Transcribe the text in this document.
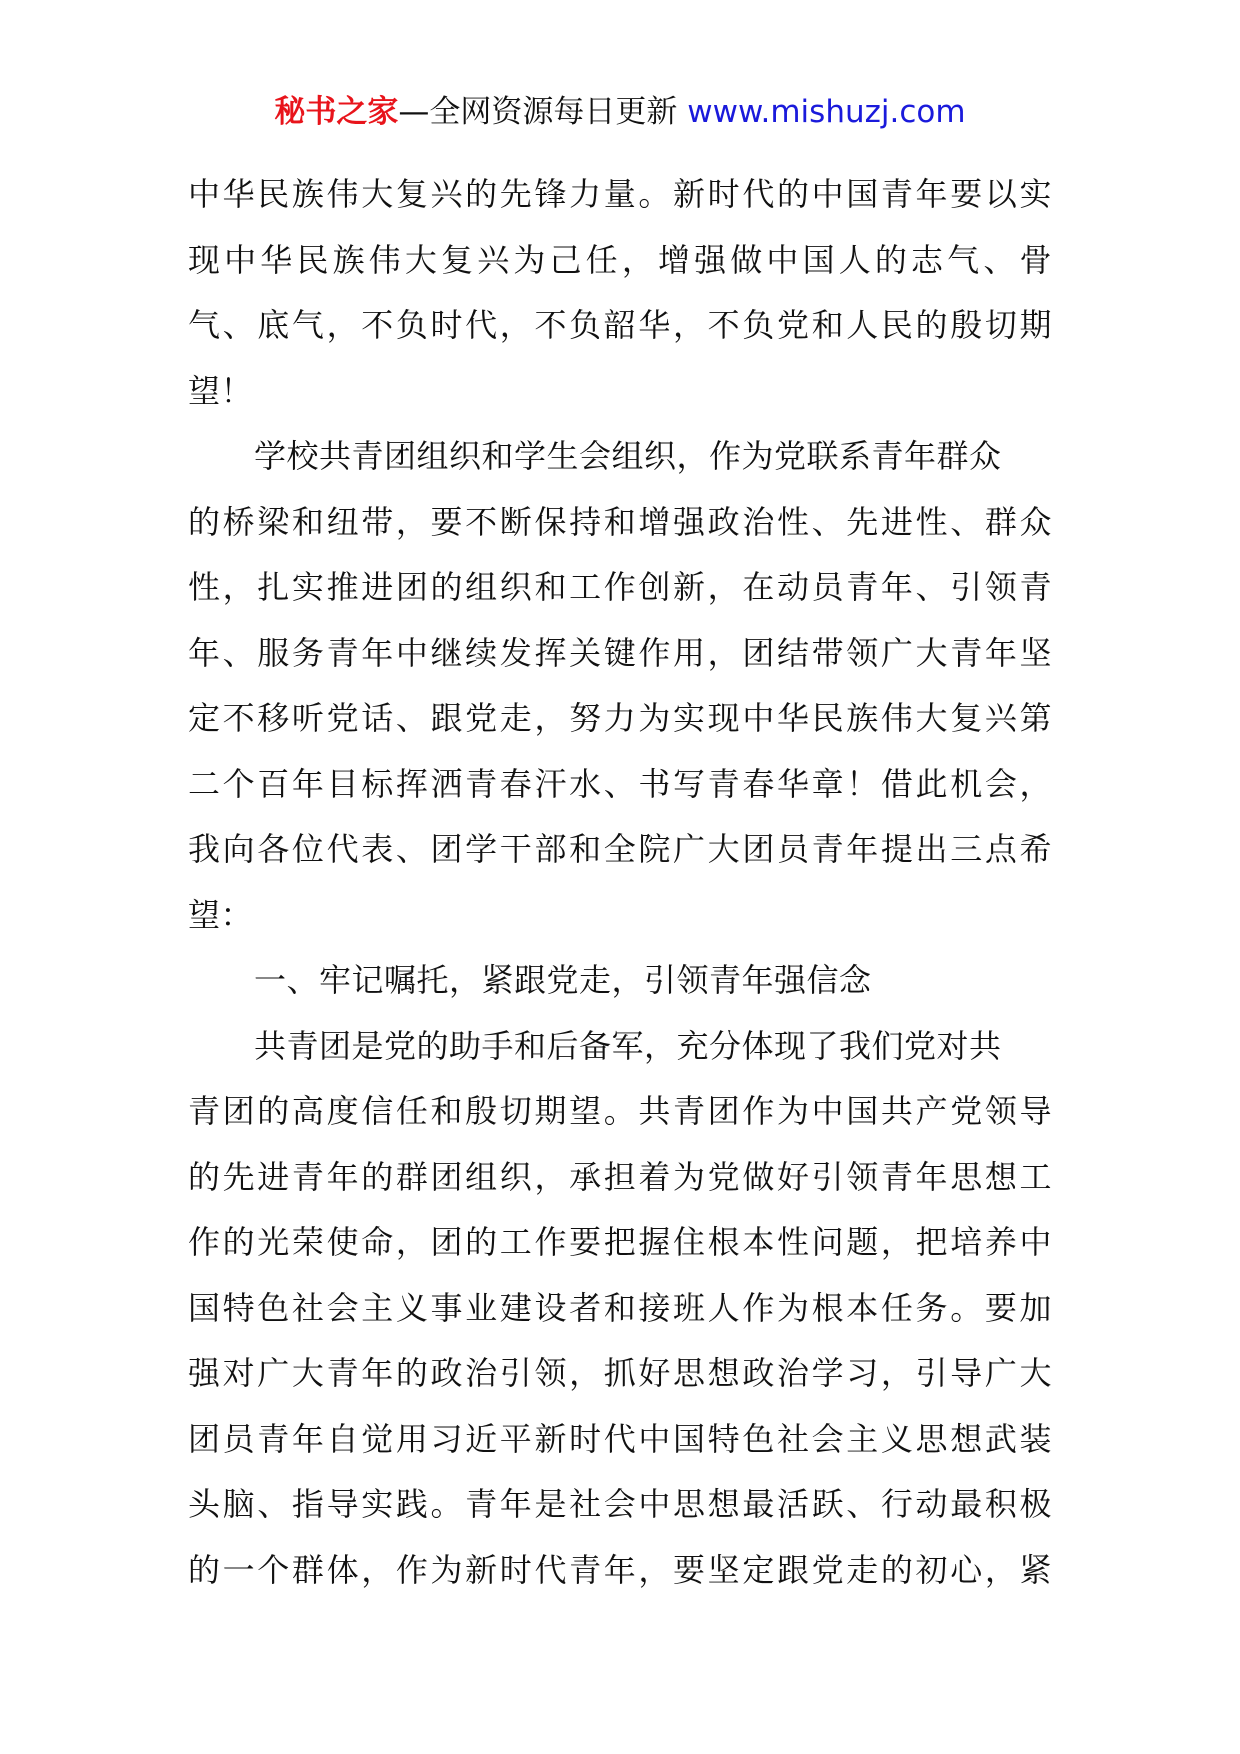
秘书之家—全网资源每日更新 www.mishuzj.com
中华民族伟大复兴的先锋力量。新时代的中国青年要以实
现中华民族伟大复兴为己任，增强做中国人的志气、骨
气、底气，不负时代，不负韶华，不负党和人民的殷切期
望！
学校共青团组织和学生会组织，作为党联系青年群众
的桥梁和纽带，要不断保持和增强政治性、先进性、群众
性，扎实推进团的组织和工作创新，在动员青年、引领青
年、服务青年中继续发挥关键作用，团结带领广大青年坚
定不移听党话、跟党走，努力为实现中华民族伟大复兴第
二个百年目标挥洒青春汗水、书写青春华章！借此机会，
我向各位代表、团学干部和全院广大团员青年提出三点希
望：
一、牢记嘱托，紧跟党走，引领青年强信念
共青团是党的助手和后备军，充分体现了我们党对共
青团的高度信任和殷切期望。共青团作为中国共产党领导
的先进青年的群团组织，承担着为党做好引领青年思想工
作的光荣使命，团的工作要把握住根本性问题，把培养中
国特色社会主义事业建设者和接班人作为根本任务。要加
强对广大青年的政治引领，抓好思想政治学习，引导广大
团员青年自觉用习近平新时代中国特色社会主义思想武装
头脑、指导实践。青年是社会中思想最活跃、行动最积极
的一个群体，作为新时代青年，要坚定跟党走的初心，紧
